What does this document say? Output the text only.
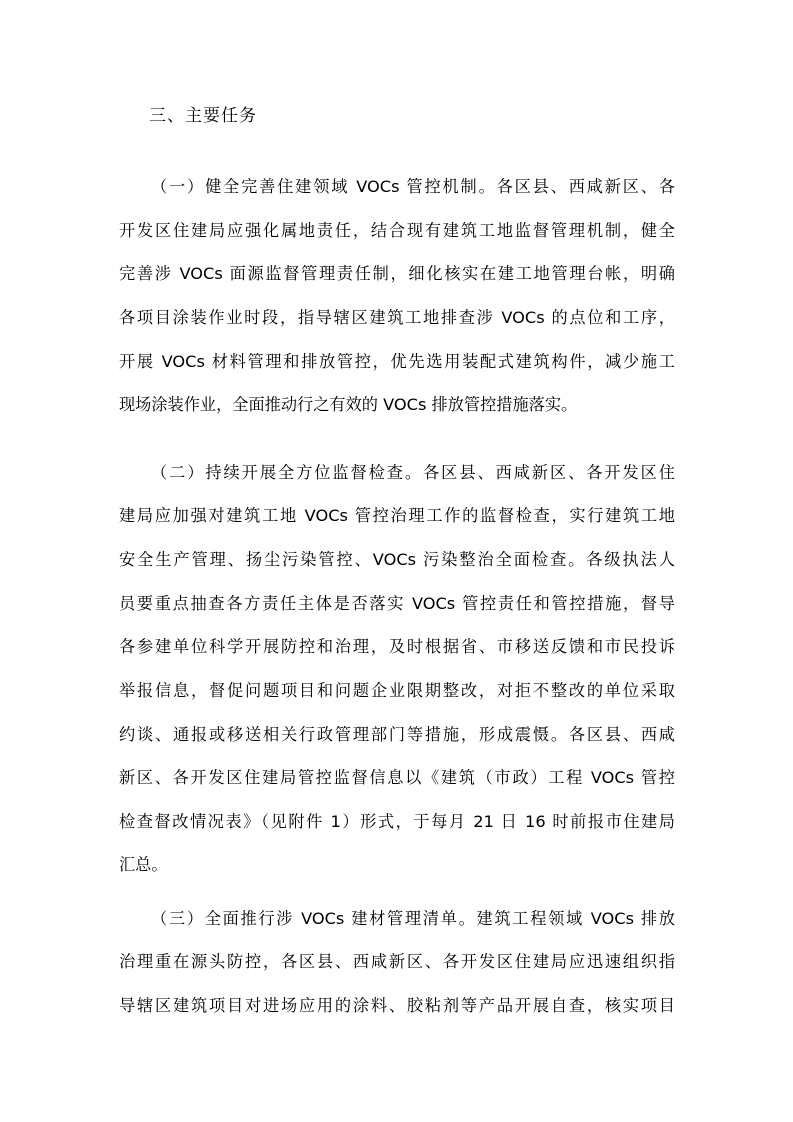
三、主要任务
（一）健全完善住建领域 VOCs 管控机制。各区县、西咸新区、各
开发区住建局应强化属地责任，结合现有建筑工地监督管理机制，健全
完善涉 VOCs 面源监督管理责任制，细化核实在建工地管理台帐，明确
各项目涂装作业时段，指导辖区建筑工地排查涉 VOCs 的点位和工序，
开展 VOCs 材料管理和排放管控，优先选用装配式建筑构件，减少施工
现场涂装作业，全面推动行之有效的 VOCs 排放管控措施落实。
（二）持续开展全方位监督检查。各区县、西咸新区、各开发区住
建局应加强对建筑工地 VOCs 管控治理工作的监督检查，实行建筑工地
安全生产管理、扬尘污染管控、VOCs 污染整治全面检查。各级执法人
员要重点抽查各方责任主体是否落实 VOCs 管控责任和管控措施，督导
各参建单位科学开展防控和治理，及时根据省、市移送反馈和市民投诉
举报信息，督促问题项目和问题企业限期整改，对拒不整改的单位采取
约谈、通报或移送相关行政管理部门等措施，形成震慑。各区县、西咸
新区、各开发区住建局管控监督信息以《建筑（市政）工程 VOCs 管控
检查督改情况表》（见附件 1）形式，于每月 21 日 16 时前报市住建局
汇总。
（三）全面推行涉 VOCs 建材管理清单。建筑工程领域 VOCs 排放
治理重在源头防控，各区县、西咸新区、各开发区住建局应迅速组织指
导辖区建筑项目对进场应用的涂料、胶粘剂等产品开展自查，核实项目
